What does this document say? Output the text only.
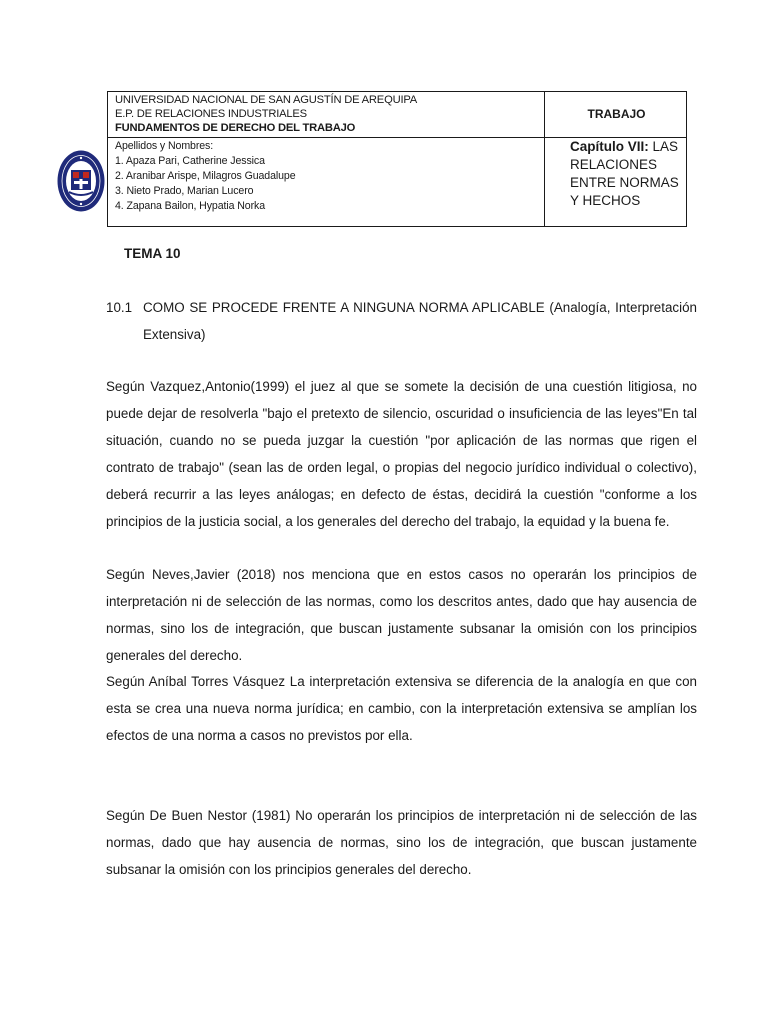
UNIVERSIDAD NACIONAL DE SAN AGUSTÍN DE AREQUIPA
E.P. DE RELACIONES INDUSTRIALES
FUNDAMENTOS DE DERECHO DEL TRABAJO
TRABAJO
Apellidos y Nombres:
1. Apaza Pari, Catherine Jessica
2. Aranibar Arispe, Milagros Guadalupe
3. Nieto Prado, Marian Lucero
4. Zapana Bailon, Hypatia Norka
Capítulo VII: LAS RELACIONES ENTRE NORMAS Y HECHOS
TEMA 10
10.1 COMO SE PROCEDE FRENTE A NINGUNA NORMA APLICABLE (Analogía, Interpretación Extensiva)
Según Vazquez,Antonio(1999) el juez al que se somete la decisión de una cuestión litigiosa, no puede dejar de resolverla "bajo el pretexto de silencio, oscuridad o insuficiencia de las leyes"En tal situación, cuando no se pueda juzgar la cuestión "por aplicación de las normas que rigen el contrato de trabajo" (sean las de orden legal, o propias del negocio jurídico individual o colectivo), deberá recurrir a las leyes análogas; en defecto de éstas, decidirá la cuestión "conforme a los principios de la justicia social, a los generales del derecho del trabajo, la equidad y la buena fe.
Según Neves,Javier (2018) nos menciona que en estos casos no operarán los principios de interpretación ni de selección de las normas, como los descritos antes, dado que hay ausencia de normas, sino los de integración, que buscan justamente subsanar la omisión con los principios generales del derecho.
Según Aníbal Torres Vásquez La interpretación extensiva se diferencia de la analogía en que con esta se crea una nueva norma jurídica; en cambio, con la interpretación extensiva se amplían los efectos de una norma a casos no previstos por ella.
Según De Buen Nestor (1981) No operarán los principios de interpretación ni de selección de las normas, dado que hay ausencia de normas, sino los de integración, que buscan justamente subsanar la omisión con los principios generales del derecho.
